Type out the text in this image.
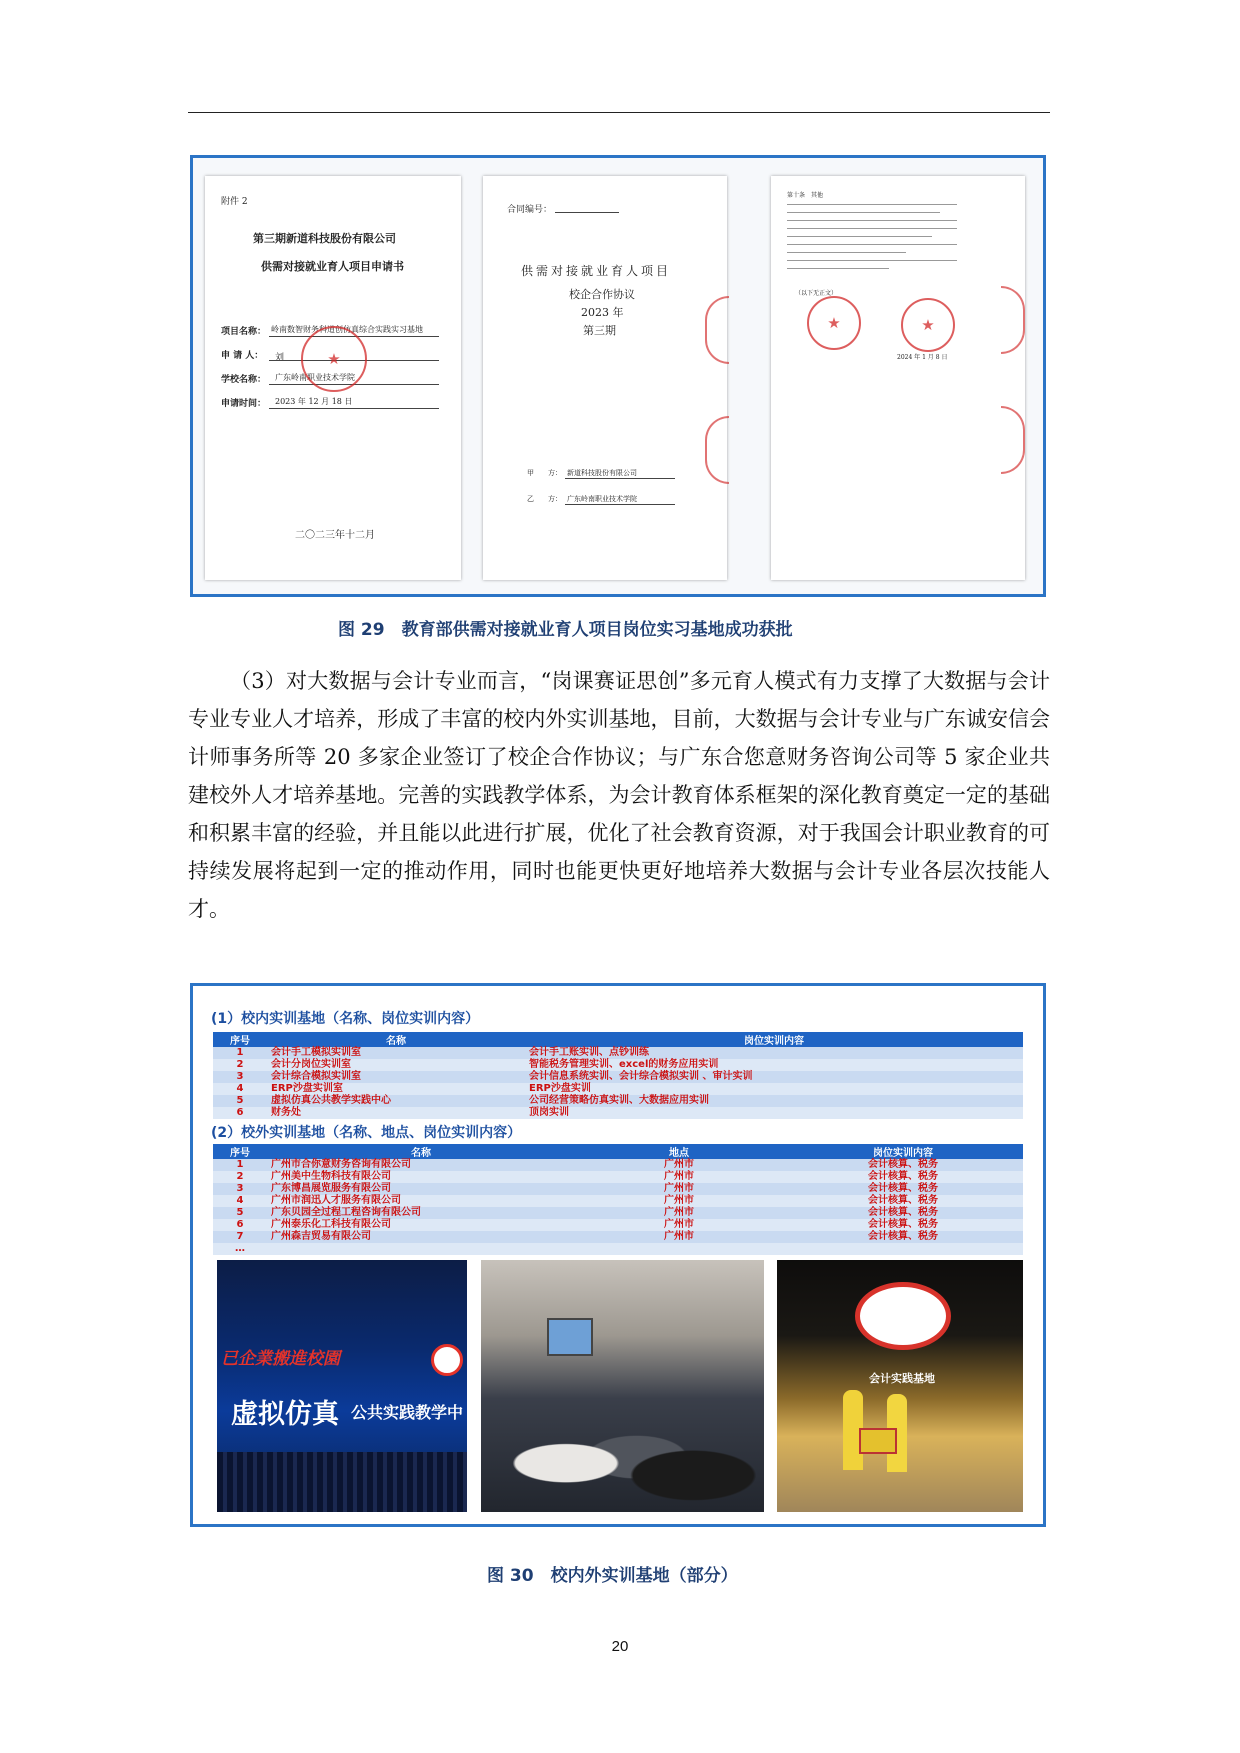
附件 2
第三期新道科技股份有限公司
供需对接就业育人项目申请书
项目名称： 岭南数智财务科道创仿真综合实践实习基地
申 请 人： 刘
学校名称： 广东岭南职业技术学院
申请时间： 2023 年 12 月 18 日
★
二〇二三年十二月
合同编号：
供需对接就业育人项目
校企合作协议
2023 年
第三期
甲　　方： 新道科技股份有限公司
乙　　方： 广东岭南职业技术学院
第十条　其他
（以下无正文）
★
★
2024 年 1 月 8 日
图 29　教育部供需对接就业育人项目岗位实习基地成功获批

（3）对大数据与会计专业而言，“岗课赛证思创”多元育人模式有力支撑了大数据与会计专业专业人才培养，形成了丰富的校内外实训基地，目前，大数据与会计专业与广东诚安信会计师事务所等 20 多家企业签订了校企合作协议；与广东合您意财务咨询公司等 5 家企业共建校外人才培养基地。完善的实践教学体系，为会计教育体系框架的深化教育奠定一定的基础和积累丰富的经验，并且能以此进行扩展，优化了社会教育资源，对于我国会计职业教育的可持续发展将起到一定的推动作用，同时也能更快更好地培养大数据与会计专业各层次技能人才。

(1）校内实训基地（名称、岗位实训内容）
序号	名称	岗位实训内容
1	会计手工模拟实训室	会计手工账实训、点钞训练
2	会计分岗位实训室	智能税务管理实训、excel的财务应用实训
3	会计综合模拟实训室	会计信息系统实训、会计综合模拟实训 、审计实训
4	ERP沙盘实训室	ERP沙盘实训
5	虚拟仿真公共教学实践中心	公司经营策略仿真实训、大数据应用实训
6	财务处	顶岗实训
(2）校外实训基地（名称、地点、岗位实训内容）
序号	名称	地点	岗位实训内容
1	广州市合你意财务咨询有限公司	广州市	会计核算、税务
2	广州美中生物科技有限公司	广州市	会计核算、税务
3	广东博昌展览服务有限公司	广州市	会计核算、税务
4	广州市润迅人才服务有限公司	广州市	会计核算、税务
5	广东贝园全过程工程咨询有限公司	广州市	会计核算、税务
6	广州泰乐化工科技有限公司	广州市	会计核算、税务
7	广州森吉贸易有限公司	广州市	会计核算、税务
…			
已企業搬進校園
虚拟仿真 公共实践教学中
会计实践基地
图 30　校内外实训基地（部分）
20
